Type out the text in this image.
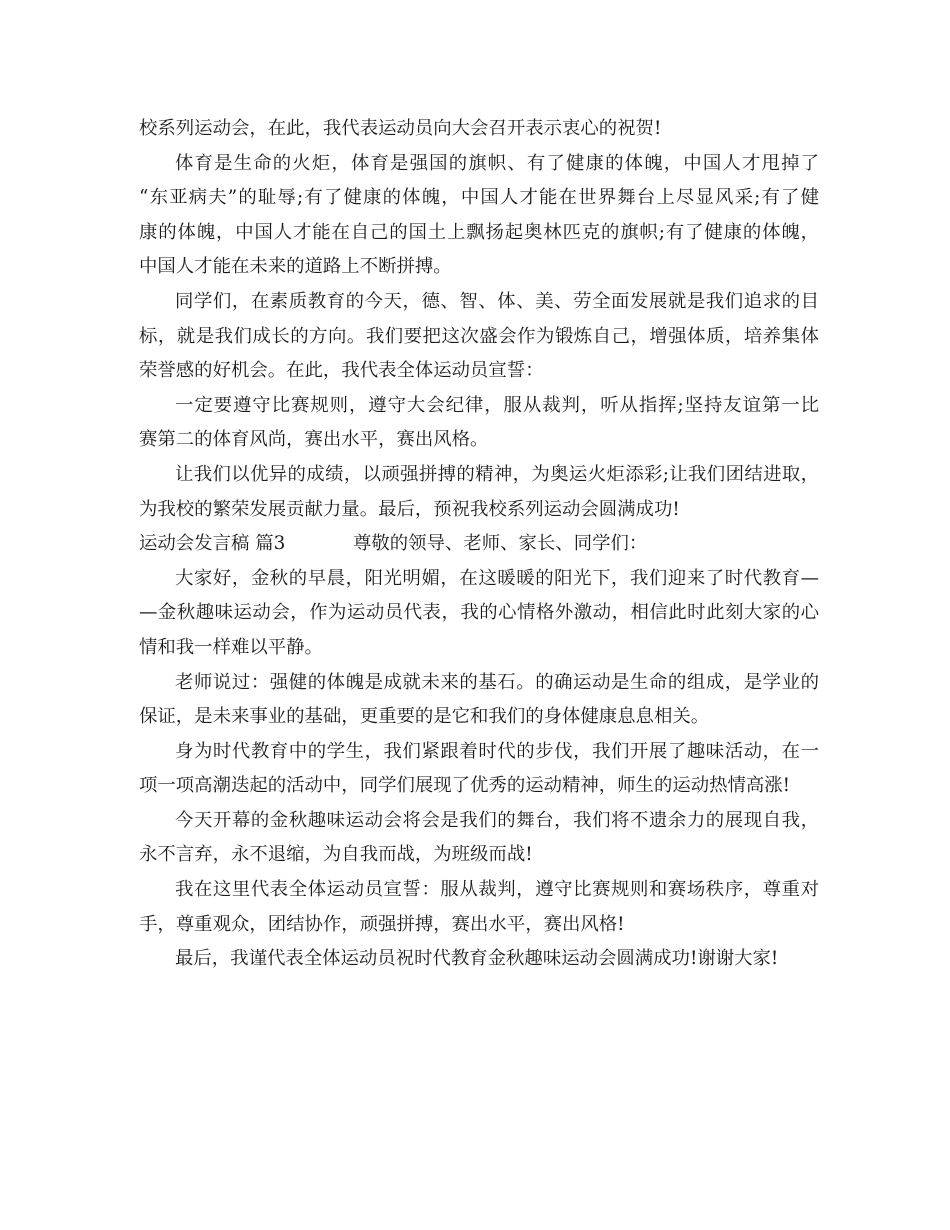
校系列运动会，在此，我代表运动员向大会召开表示衷心的祝贺!
体育是生命的火炬，体育是强国的旗帜、有了健康的体魄，中国人才甩掉了
“东亚病夫”的耻辱;有了健康的体魄，中国人才能在世界舞台上尽显风采;有了健
康的体魄，中国人才能在自己的国土上飘扬起奥林匹克的旗帜;有了健康的体魄，
中国人才能在未来的道路上不断拼搏。
同学们，在素质教育的今天，德、智、体、美、劳全面发展就是我们追求的目
标，就是我们成长的方向。我们要把这次盛会作为锻炼自己，增强体质，培养集体
荣誉感的好机会。在此，我代表全体运动员宣誓：
一定要遵守比赛规则，遵守大会纪律，服从裁判，听从指挥;坚持友谊第一比
赛第二的体育风尚，赛出水平，赛出风格。
让我们以优异的成绩，以顽强拼搏的精神，为奥运火炬添彩;让我们团结进取，
为我校的繁荣发展贡献力量。最后，预祝我校系列运动会圆满成功!
运动会发言稿 篇3	尊敬的领导、老师、家长、同学们：
大家好，金秋的早晨，阳光明媚，在这暖暖的阳光下，我们迎来了时代教育—
—金秋趣味运动会，作为运动员代表，我的心情格外激动，相信此时此刻大家的心
情和我一样难以平静。
老师说过：强健的体魄是成就未来的基石。的确运动是生命的组成，是学业的
保证，是未来事业的基础，更重要的是它和我们的身体健康息息相关。
身为时代教育中的学生，我们紧跟着时代的步伐，我们开展了趣味活动，在一
项一项高潮迭起的活动中，同学们展现了优秀的运动精神，师生的运动热情高涨!
今天开幕的金秋趣味运动会将会是我们的舞台，我们将不遗余力的展现自我，
永不言弃，永不退缩，为自我而战，为班级而战!
我在这里代表全体运动员宣誓：服从裁判，遵守比赛规则和赛场秩序，尊重对
手，尊重观众，团结协作，顽强拼搏，赛出水平，赛出风格!
最后，我谨代表全体运动员祝时代教育金秋趣味运动会圆满成功!谢谢大家!
